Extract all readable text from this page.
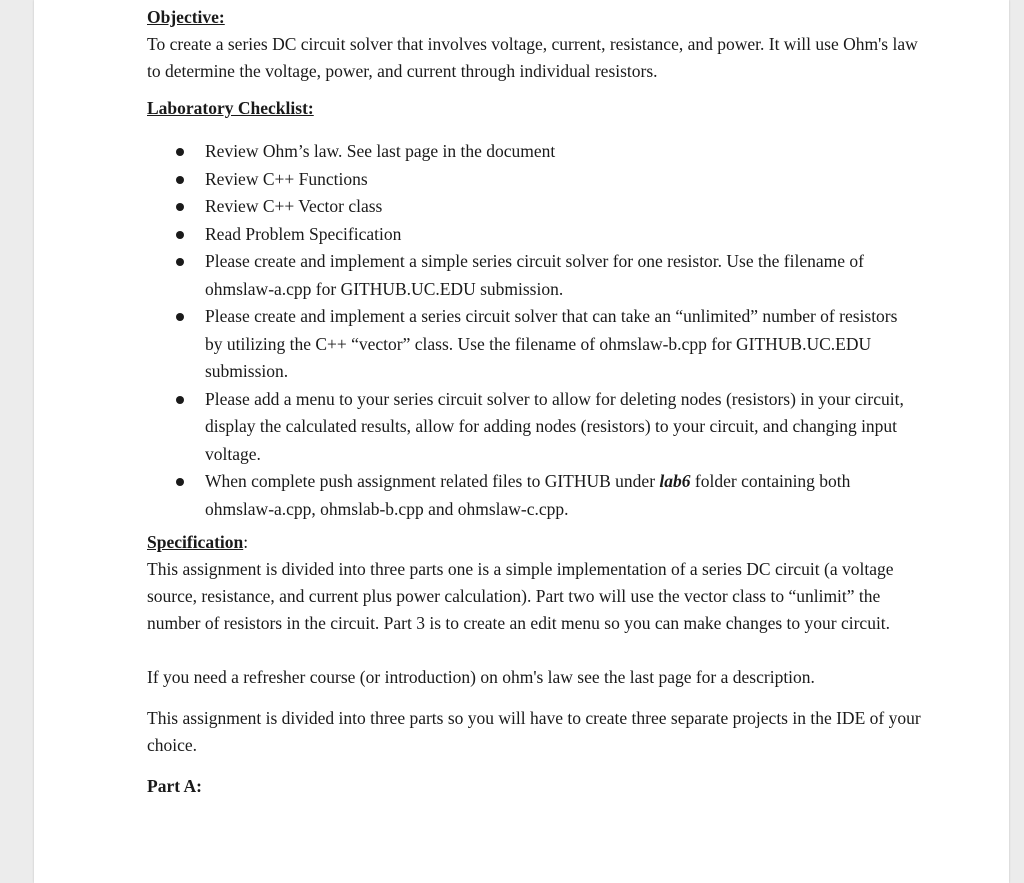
Objective:

To create a series DC circuit solver that involves voltage, current, resistance, and power. It will use Ohm's law to determine the voltage, power, and current through individual resistors.

Laboratory Checklist:
Review Ohm’s law. See last page in the document
Review C++ Functions
Review C++ Vector class
Read Problem Specification
Please create and implement a simple series circuit solver for one resistor. Use the filename of ohmslaw-a.cpp for GITHUB.UC.EDU submission.
Please create and implement a series circuit solver that can take an “unlimited” number of resistors by utilizing the C++ “vector” class. Use the filename of ohmslaw-b.cpp for GITHUB.UC.EDU submission.
Please add a menu to your series circuit solver to allow for deleting nodes (resistors) in your circuit, display the calculated results, allow for adding nodes (resistors) to your circuit, and changing input voltage.
When complete push assignment related files to GITHUB under lab6 folder containing both ohmslaw-a.cpp, ohmslab-b.cpp and ohmslaw-c.cpp.
Specification:

This assignment is divided into three parts one is a simple implementation of a series DC circuit (a voltage source, resistance, and current plus power calculation). Part two will use the vector class to “unlimit” the number of resistors in the circuit. Part 3 is to create an edit menu so you can make changes to your circuit.

If you need a refresher course (or introduction) on ohm's law see the last page for a description.

This assignment is divided into three parts so you will have to create three separate projects in the IDE of your choice.

Part A:
